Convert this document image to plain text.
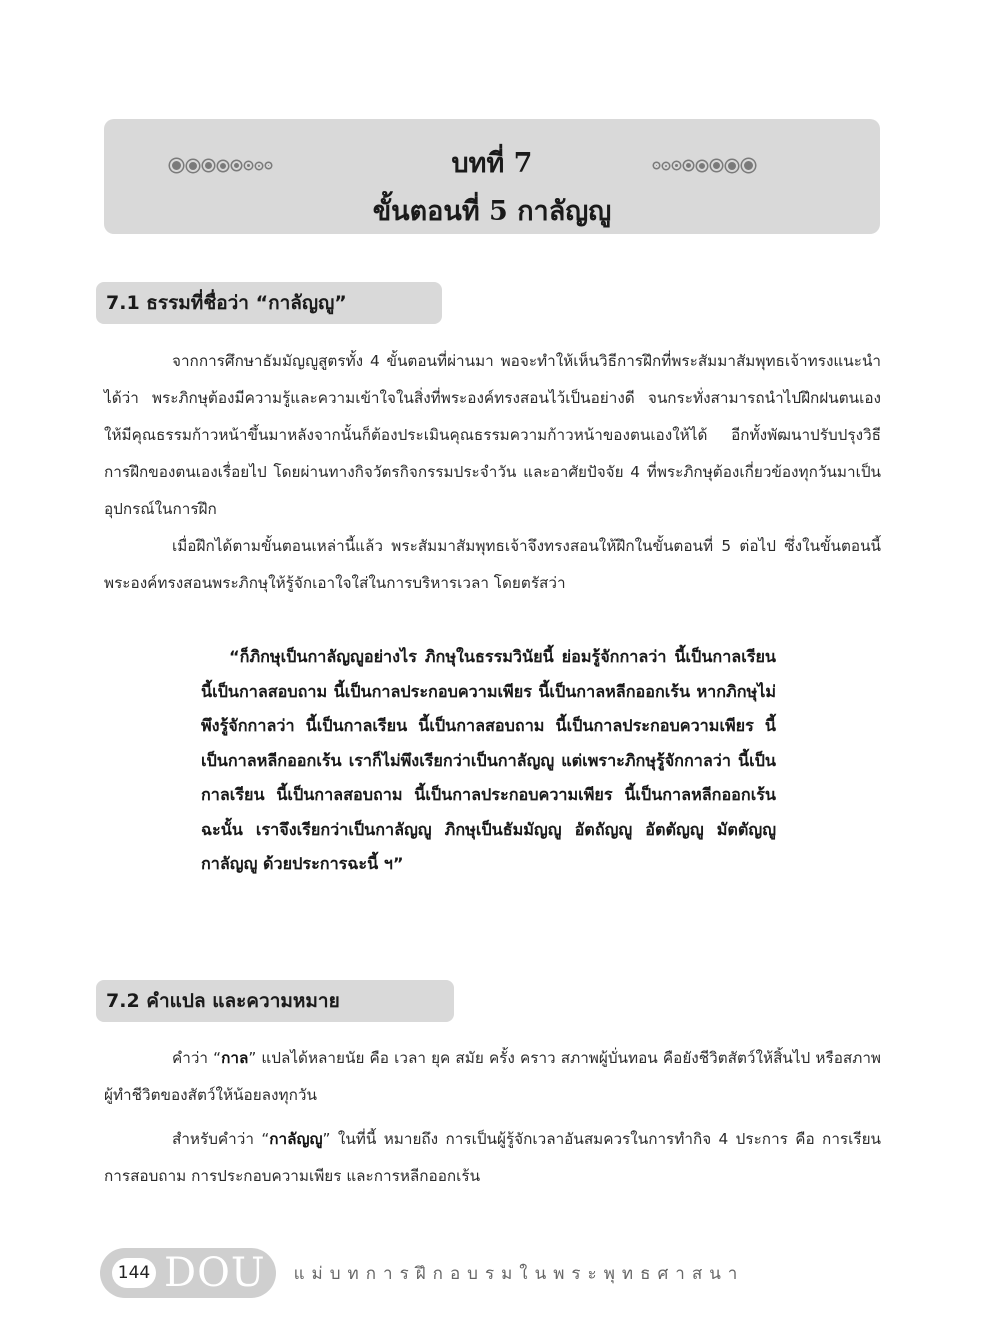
บทที่ 7
ขั้นตอนที่ 5 กาลัญญู
7.1 ธรรมที่ชื่อว่า “กาลัญญู”

จากการศึกษาธัมมัญญูสูตรทั้ง 4 ขั้นตอนที่ผ่านมา พอจะทำให้เห็นวิธีการฝึกที่พระสัมมาสัมพุทธเจ้าทรงแนะนำได้ว่า พระภิกษุต้องมีความรู้และความเข้าใจในสิ่งที่พระองค์ทรงสอนไว้เป็นอย่างดี จนกระทั่งสามารถนำไปฝึกฝนตนเองให้มีคุณธรรมก้าวหน้าขึ้นมาหลังจากนั้นก็ต้องประเมินคุณธรรมความก้าวหน้าของตนเองให้ได้ อีกทั้งพัฒนาปรับปรุงวิธีการฝึกของตนเองเรื่อยไป โดยผ่านทางกิจวัตรกิจกรรมประจำวัน และอาศัยปัจจัย 4 ที่พระภิกษุต้องเกี่ยวข้องทุกวันมาเป็นอุปกรณ์ในการฝึก

เมื่อฝึกได้ตามขั้นตอนเหล่านี้แล้ว พระสัมมาสัมพุทธเจ้าจึงทรงสอนให้ฝึกในขั้นตอนที่ 5 ต่อไป ซึ่งในขั้นตอนนี้พระองค์ทรงสอนพระภิกษุให้รู้จักเอาใจใส่ในการบริหารเวลา โดยตรัสว่า

“ก็ภิกษุเป็นกาลัญญูอย่างไร ภิกษุในธรรมวินัยนี้ ย่อมรู้จักกาลว่า นี้เป็นกาลเรียน นี้เป็นกาลสอบถาม นี้เป็นกาลประกอบความเพียร นี้เป็นกาลหลีกออกเร้น หากภิกษุไม่พึงรู้จักกาลว่า นี้เป็นกาลเรียน นี้เป็นกาลสอบถาม นี้เป็นกาลประกอบความเพียร นี้เป็นกาลหลีกออกเร้น เราก็ไม่พึงเรียกว่าเป็นกาลัญญู แต่เพราะภิกษุรู้จักกาลว่า นี้เป็นกาลเรียน นี้เป็นกาลสอบถาม นี้เป็นกาลประกอบความเพียร นี้เป็นกาลหลีกออกเร้น ฉะนั้น เราจึงเรียกว่าเป็นกาลัญญู ภิกษุเป็นธัมมัญญู อัตถัญญู อัตตัญญู มัตตัญญู กาลัญญู ด้วยประการฉะนี้ ฯ”

7.2 คำแปล และความหมาย

คำว่า “กาล” แปลได้หลายนัย คือ เวลา ยุค สมัย ครั้ง คราว สภาพผู้บั่นทอน คือยังชีวิตสัตว์ให้สิ้นไป หรือสภาพผู้ทำชีวิตของสัตว์ให้น้อยลงทุกวัน

สำหรับคำว่า “กาลัญญู” ในที่นี้ หมายถึง การเป็นผู้รู้จักเวลาอันสมควรในการทำกิจ 4 ประการ คือ การเรียน การสอบถาม การประกอบความเพียร และการหลีกออกเร้น

144 DOU แม่บทการฝึกอบรมในพระพุทธศาสนา
